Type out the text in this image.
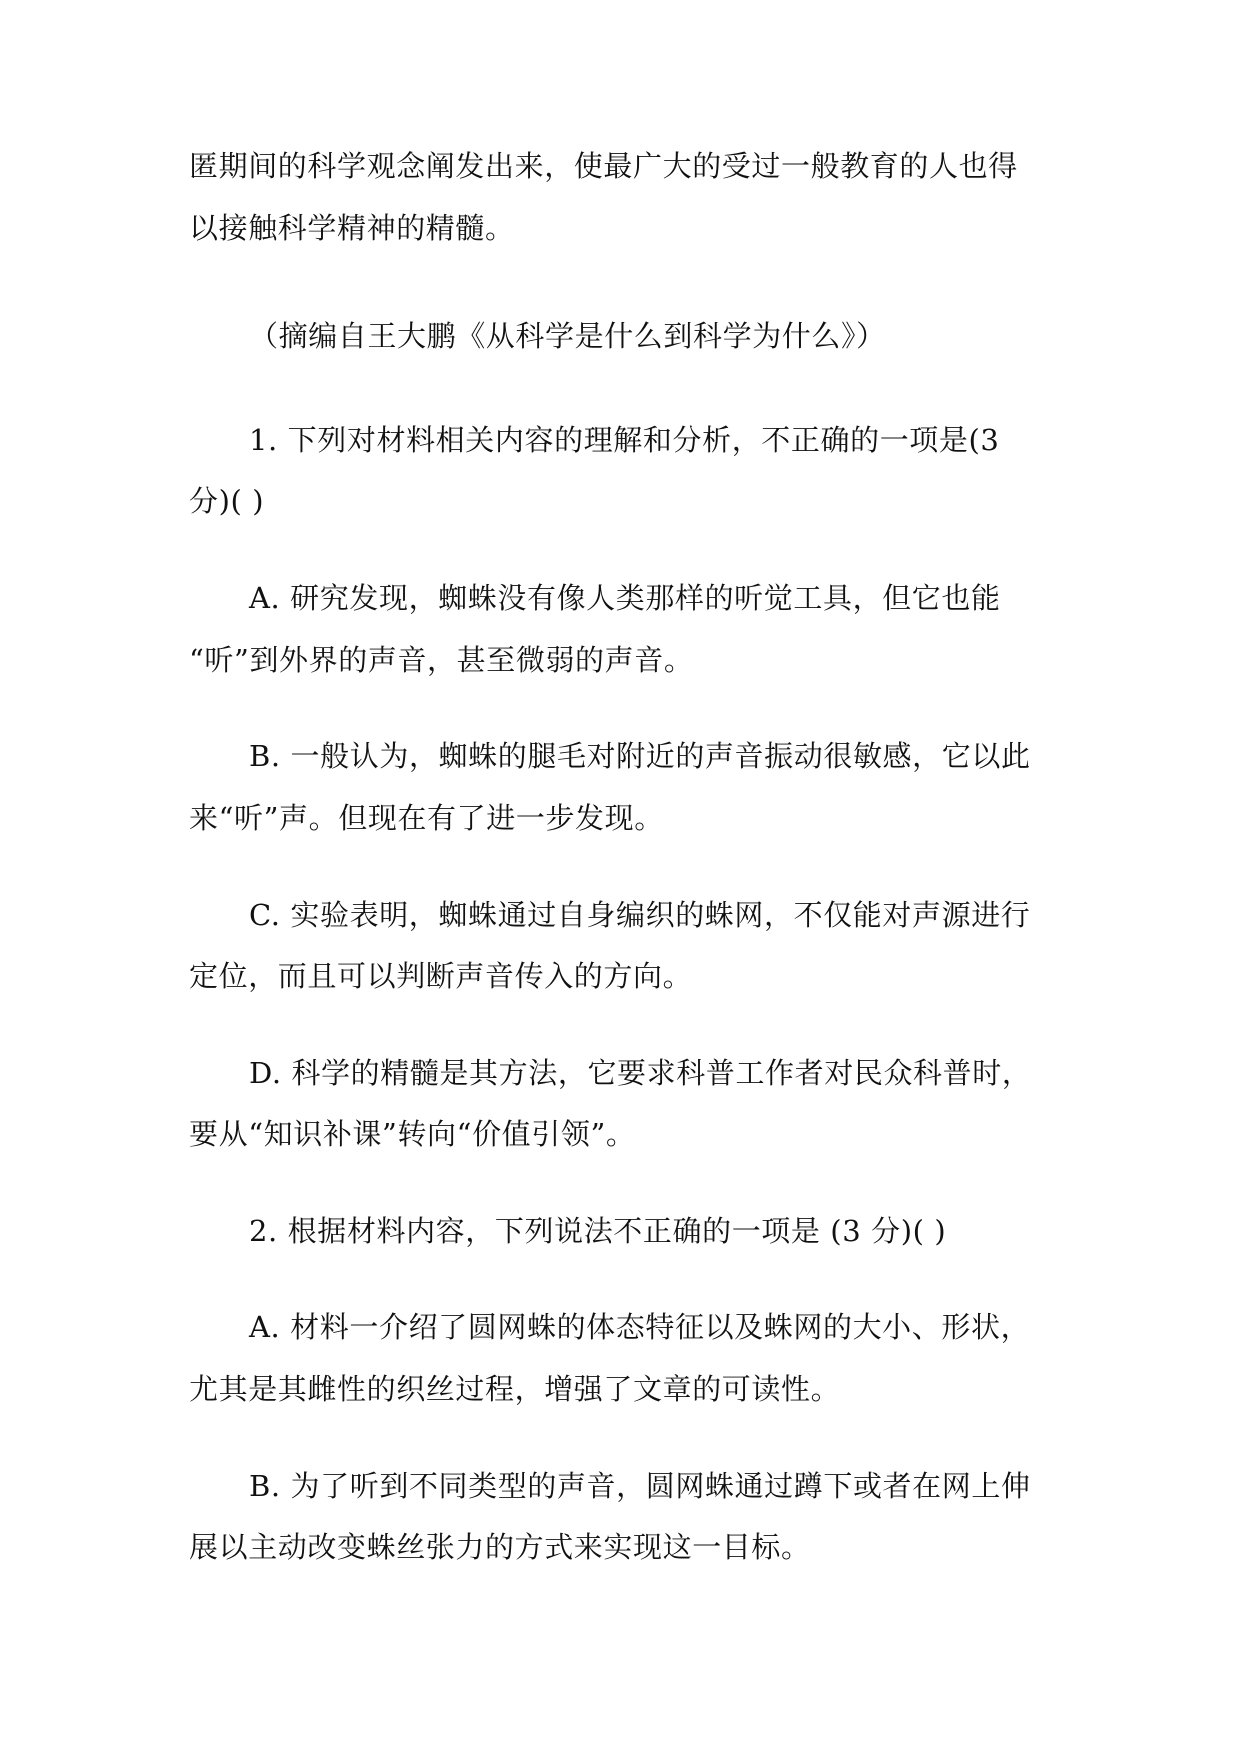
匿期间的科学观念阐发出来，使最广大的受过一般教育的人也得
以接触科学精神的精髓。
（摘编自王大鹏《从科学是什么到科学为什么》）
1. 下列对材料相关内容的理解和分析，不正确的一项是(3
分)( )
A. 研究发现，蜘蛛没有像人类那样的听觉工具，但它也能
“听”到外界的声音，甚至微弱的声音。
B. 一般认为，蜘蛛的腿毛对附近的声音振动很敏感，它以此
来“听”声。但现在有了进一步发现。
C. 实验表明，蜘蛛通过自身编织的蛛网，不仅能对声源进行
定位，而且可以判断声音传入的方向。
D. 科学的精髓是其方法，它要求科普工作者对民众科普时，
要从“知识补课”转向“价值引领”。
2. 根据材料内容，下列说法不正确的一项是 (3 分)( )
A. 材料一介绍了圆网蛛的体态特征以及蛛网的大小、形状，
尤其是其雌性的织丝过程，增强了文章的可读性。
B. 为了听到不同类型的声音，圆网蛛通过蹲下或者在网上伸
展以主动改变蛛丝张力的方式来实现这一目标。
